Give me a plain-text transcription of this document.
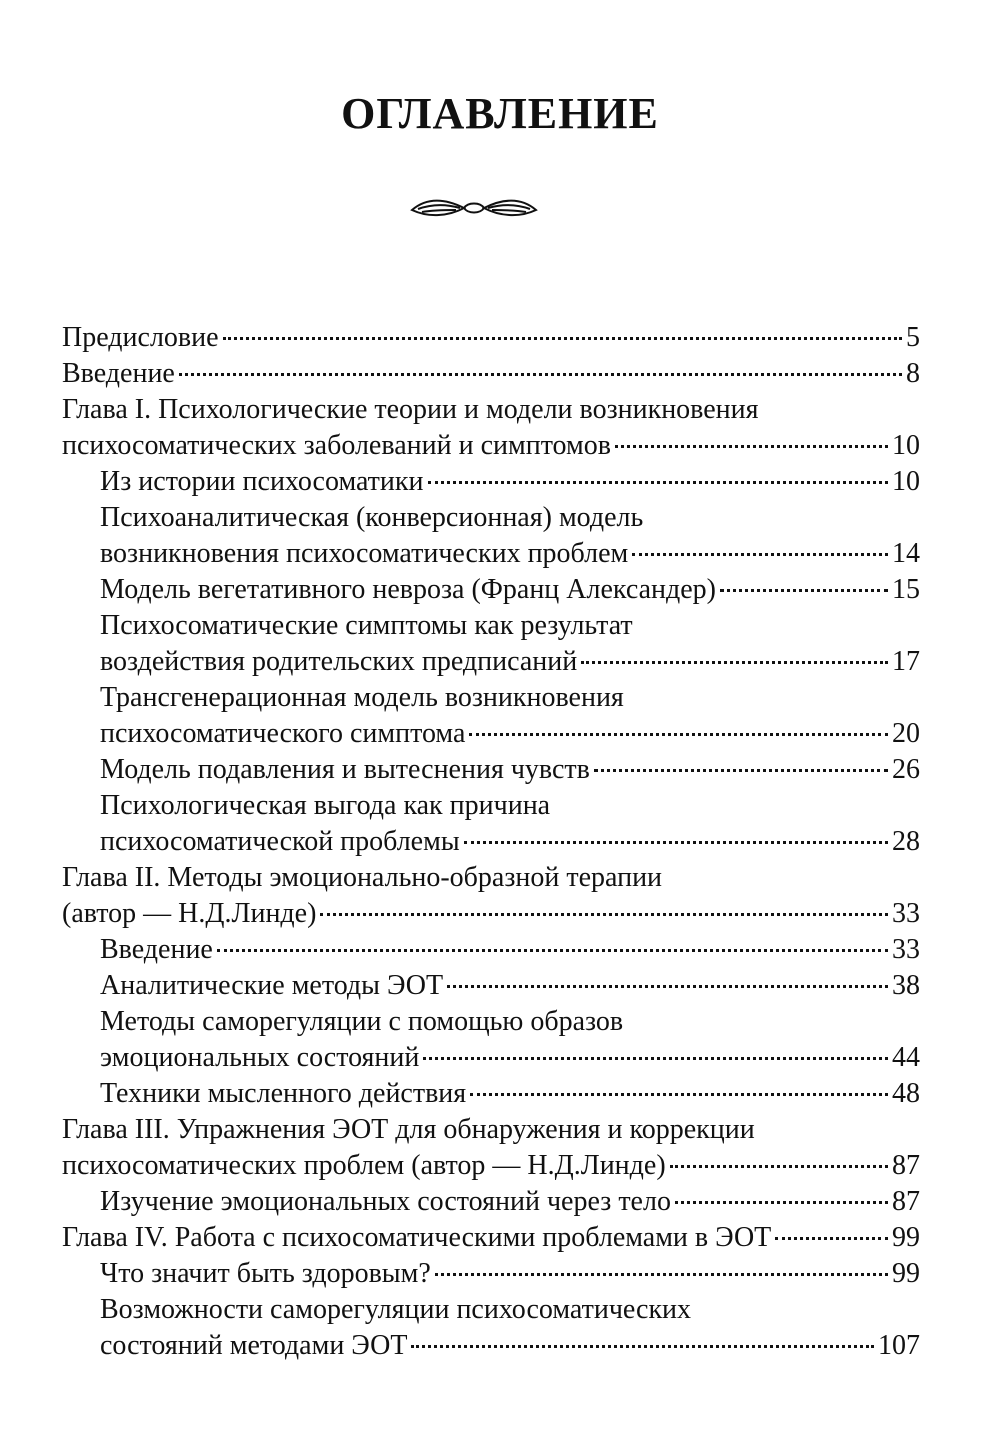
ОГЛАВЛЕНИЕ
Предисловие	5
Введение	8
Глава I. Психологические теории и модели возникновения
психосоматических заболеваний и симптомов	10
Из истории психосоматики	10
Психоаналитическая (конверсионная) модель
возникновения психосоматических проблем	14
Модель вегетативного невроза (Франц Александер)	15
Психосоматические симптомы как результат
воздействия родительских предписаний	17
Трансгенерационная модель возникновения
психосоматического симптома	20
Модель подавления и вытеснения чувств	26
Психологическая выгода как причина
психосоматической проблемы	28
Глава II. Методы эмоционально-образной терапии
(автор — Н.Д.Линде)	33
Введение	33
Аналитические методы ЭОТ	38
Методы саморегуляции с помощью образов
эмоциональных состояний	44
Техники мысленного действия	48
Глава III. Упражнения ЭОТ для обнаружения и коррекции
психосоматических проблем (автор — Н.Д.Линде)	87
Изучение эмоциональных состояний через тело	87
Глава IV. Работа с психосоматическими проблемами в ЭОТ	99
Что значит быть здоровым?	99
Возможности саморегуляции психосоматических
состояний методами ЭОТ	107
